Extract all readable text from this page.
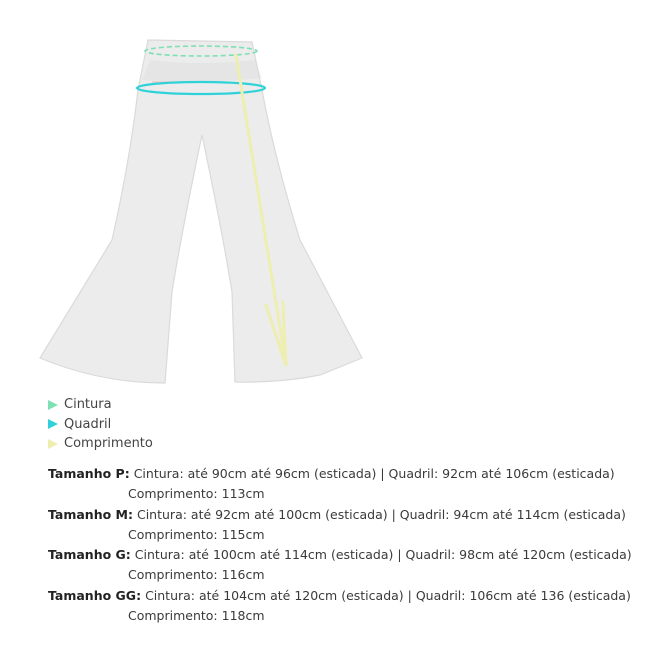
Cintura
Quadril
Comprimento
Tamanho P: Cintura: até 90cm até 96cm (esticada) | Quadril: 92cm até 106cm (esticada)
Comprimento: 113cm
Tamanho M: Cintura: até 92cm até 100cm (esticada) | Quadril: 94cm até 114cm (esticada)
Comprimento: 115cm
Tamanho G: Cintura: até 100cm até 114cm (esticada) | Quadril: 98cm até 120cm (esticada)
Comprimento: 116cm
Tamanho GG: Cintura: até 104cm até 120cm (esticada) | Quadril: 106cm até 136 (esticada)
Comprimento: 118cm
